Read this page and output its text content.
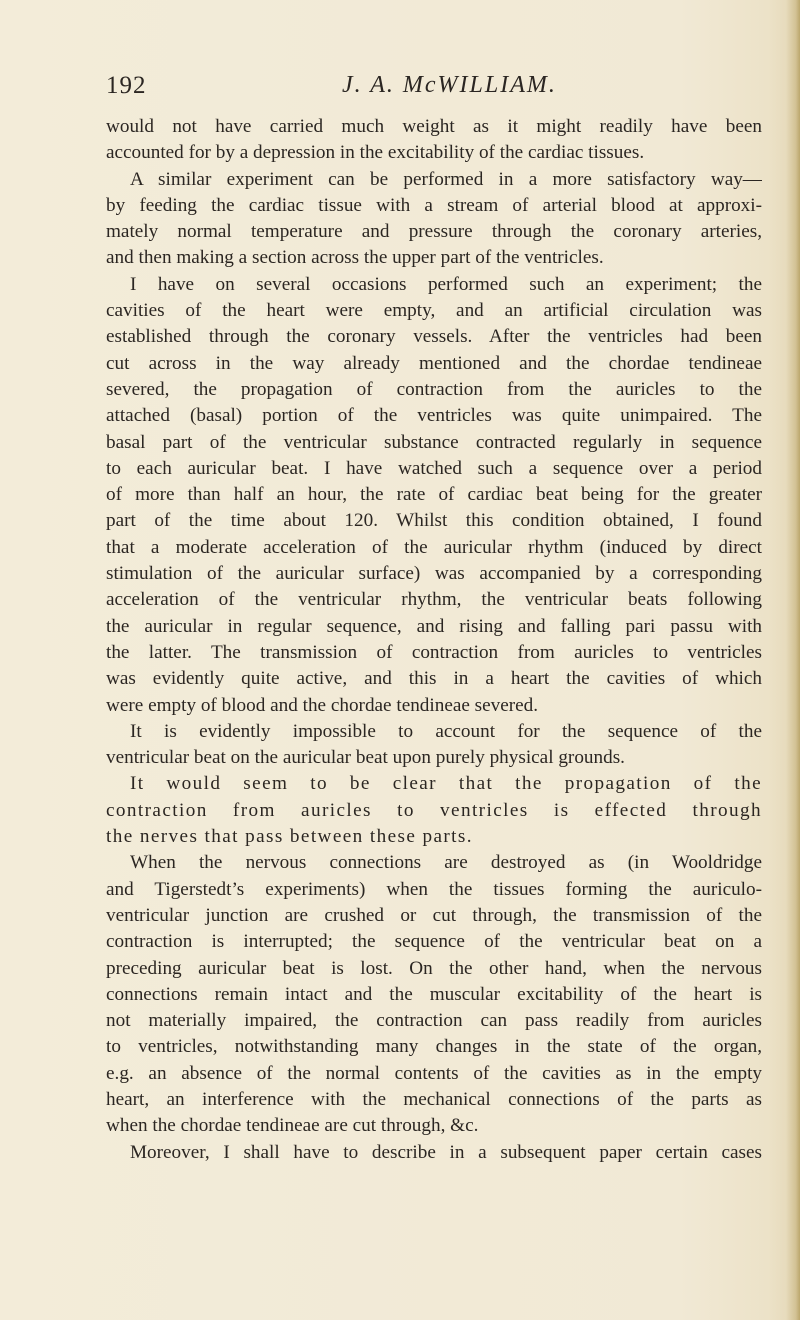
192	J. A. McWILLIAM.
would not have carried much weight as it might readily have been
accounted for by a depression in the excitability of the cardiac tissues.
A similar experiment can be performed in a more satisfactory way—
by feeding the cardiac tissue with a stream of arterial blood at approxi-
mately normal temperature and pressure through the coronary arteries,
and then making a section across the upper part of the ventricles.
I have on several occasions performed such an experiment; the
cavities of the heart were empty, and an artificial circulation was
established through the coronary vessels. After the ventricles had been
cut across in the way already mentioned and the chordae tendineae
severed, the propagation of contraction from the auricles to the
attached (basal) portion of the ventricles was quite unimpaired. The
basal part of the ventricular substance contracted regularly in sequence
to each auricular beat. I have watched such a sequence over a period
of more than half an hour, the rate of cardiac beat being for the greater
part of the time about 120. Whilst this condition obtained, I found
that a moderate acceleration of the auricular rhythm (induced by direct
stimulation of the auricular surface) was accompanied by a corresponding
acceleration of the ventricular rhythm, the ventricular beats following
the auricular in regular sequence, and rising and falling pari passu with
the latter. The transmission of contraction from auricles to ventricles
was evidently quite active, and this in a heart the cavities of which
were empty of blood and the chordae tendineae severed.
It is evidently impossible to account for the sequence of the
ventricular beat on the auricular beat upon purely physical grounds.
It would seem to be clear that the propagation of the
contraction from auricles to ventricles is effected through
the nerves that pass between these parts.
When the nervous connections are destroyed as (in Wooldridge
and Tigerstedt’s experiments) when the tissues forming the auriculo-
ventricular junction are crushed or cut through, the transmission of the
contraction is interrupted; the sequence of the ventricular beat on a
preceding auricular beat is lost. On the other hand, when the nervous
connections remain intact and the muscular excitability of the heart is
not materially impaired, the contraction can pass readily from auricles
to ventricles, notwithstanding many changes in the state of the organ,
e.g. an absence of the normal contents of the cavities as in the empty
heart, an interference with the mechanical connections of the parts as
when the chordae tendineae are cut through, &c.
Moreover, I shall have to describe in a subsequent paper certain cases
